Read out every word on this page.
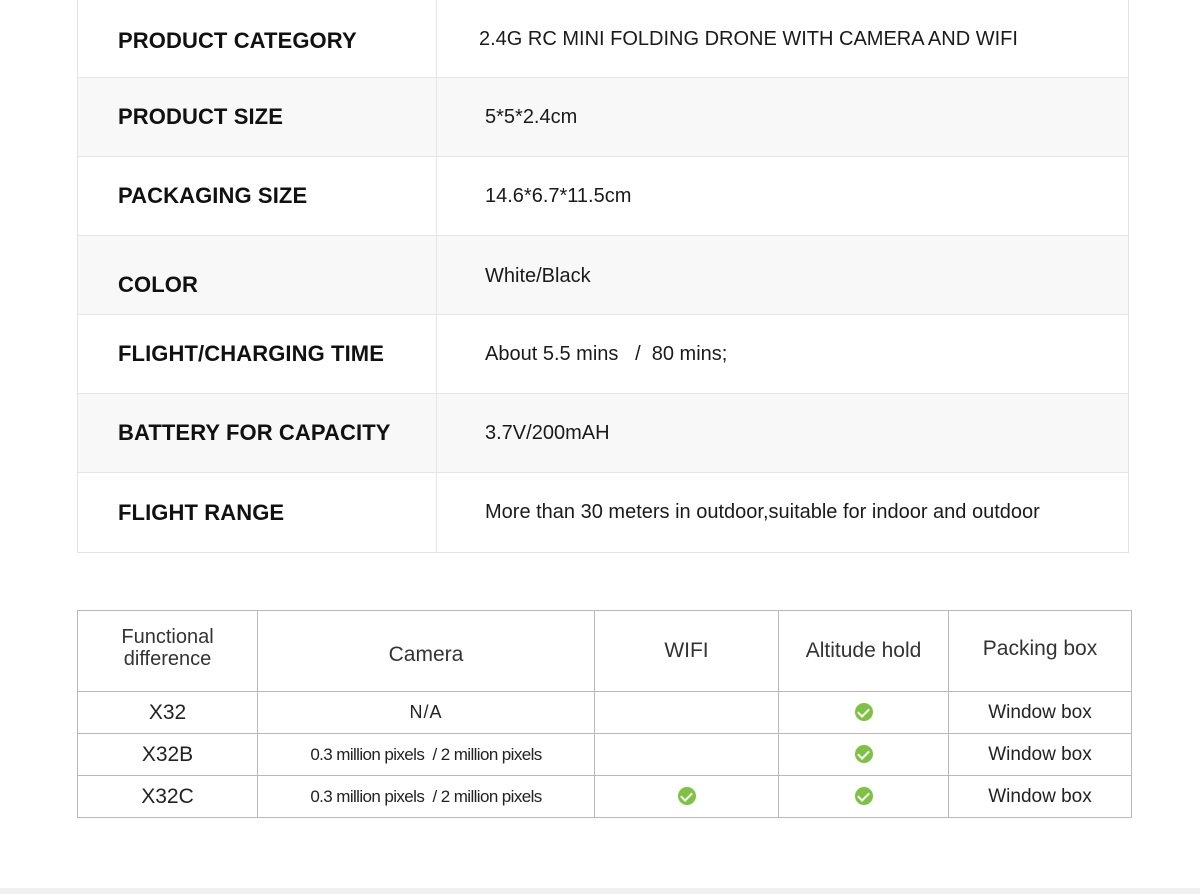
PRODUCT CATEGORY	2.4G RC MINI FOLDING DRONE WITH CAMERA AND WIFI
PRODUCT SIZE	5*5*2.4cm
PACKAGING SIZE	14.6*6.7*11.5cm
COLOR	White/Black
FLIGHT/CHARGING TIME	About 5.5 mins   /  80 mins;
BATTERY FOR CAPACITY	3.7V/200mAH
FLIGHT RANGE	More than 30 meters in outdoor,suitable for indoor and outdoor
Functional difference	Camera	WIFI	Altitude hold	Packing box
X32	N/A			Window box
X32B	0.3 million pixels  / 2 million pixels			Window box
X32C	0.3 million pixels  / 2 million pixels			Window box
